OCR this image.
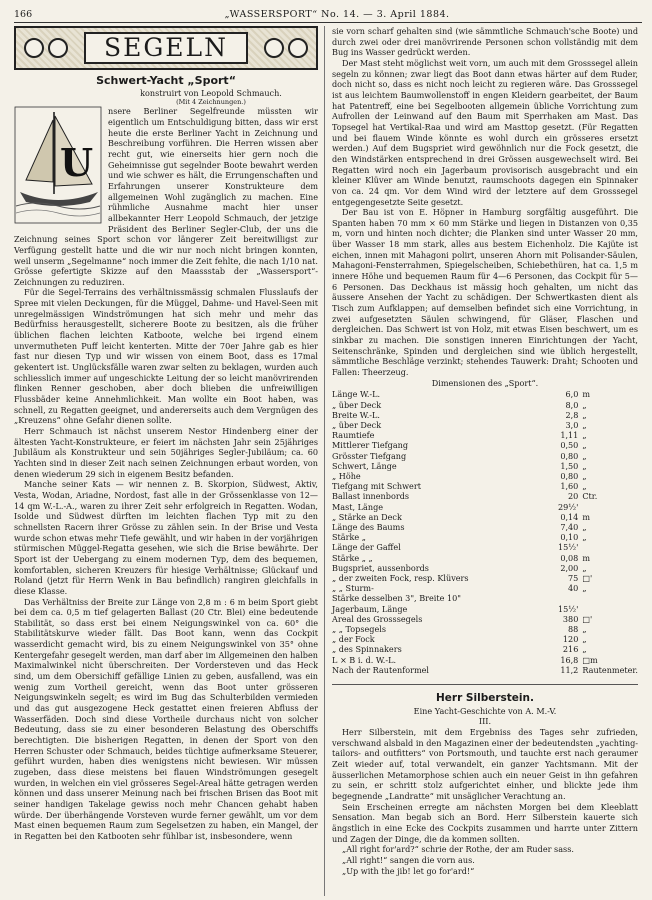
166	„WASSERSPORT“ No. 14. — 3. April 1884.
SEGELN
Schwert-Yacht „Sport“

konstruirt von Leopold Schmauch.

(Mit 4 Zeichnungen.)

U

nsere Berliner Segelfreunde müssten wir eigentlich um Entschuldigung bitten, dass wir erst heute die erste Berliner Yacht in Zeichnung und Beschreibung vorführen. Die Herren wissen aber recht gut, wie einerseits hier gern noch die Geheimnisse gut segelnder Boote bewahrt werden und wie schwer es hält, die Errungenschaften und Erfahrungen unserer Konstrukteure dem allgemeinen Wohl zugänglich zu machen. Eine rühmliche Ausnahme macht hier unser allbekannter Herr Leopold Schmauch, der jetzige Präsident des Berliner Segler-Club, der uns die Zeichnung seines Sport schon vor längerer Zeit bereitwilligst zur Verfügung gestellt hatte und die wir nur noch nicht bringen konnten, weil unserm „Segelmanne“ noch immer die Zeit fehlte, die nach 1/10 nat. Grösse gefertigte Skizze auf den Maassstab der „Wassersport“-Zeichnungen zu reduziren.

Für die Segel-Terrains des verhältnissmässig schmalen Flusslaufs der Spree mit vielen Deckungen, für die Müggel, Dahme- und Havel-Seen mit unregelmässigen Windströmungen hat sich mehr und mehr das Bedürfniss herausgestellt, sicherere Boote zu besitzen, als die früher üblichen flachen leichten Katboote, welche bei irgend einem unvermutheten Puff leicht kenterten. Mitte der 70er Jahre gab es hier fast nur diesen Typ und wir wissen von einem Boot, dass es 17mal gekentert ist. Unglücksfälle waren zwar selten zu beklagen, wurden auch schliesslich immer auf ungeschickte Leitung der so leicht manövrirenden flinken Renner geschoben, aber doch blieben die unfreiwilligen Flussbäder keine Annehmlichkeit. Man wollte ein Boot haben, was schnell, zu Regatten geeignet, und andererseits auch dem Vergnügen des „Kreuzens“ ohne Gefahr dienen sollte.

Herr Schmauch ist nächst unserem Nestor Hindenberg einer der ältesten Yacht-Konstrukteure, er feiert im nächsten Jahr sein 25jähriges Jubiläum als Konstrukteur und sein 50jähriges Segler-Jubiläum; ca. 60 Yachten sind in dieser Zeit nach seinen Zeichnungen erbaut worden, von denen wiederum 29 sich in eigenem Besitz befanden.

Manche seiner Kats — wir nennen z. B. Skorpion, Südwest, Aktiv, Vesta, Wodan, Ariadne, Nordost, fast alle in der Grössenklasse von 12—14 qm W.-L.-A., waren zu ihrer Zeit sehr erfolgreich in Regatten. Wodan, Isolde und Südwest dürften im leichten flachen Typ mit zu den schnellsten Racern ihrer Grösse zu zählen sein. In der Brise und Vesta wurde schon etwas mehr Tiefe gewählt, und wir haben in der vorjährigen stürmischen Müggel-Regatta gesehen, wie sich die Brise bewährte. Der Sport ist der Uebergang zu einem modernen Typ, dem des bequemen, komfortablen, sicheren Kreuzers für hiesige Verhältnisse; Glückauf und Roland (jetzt für Herrn Wenk in Bau befindlich) rangiren gleichfalls in diese Klasse.

Das Verhältniss der Breite zur Länge von 2,8 m : 6 m beim Sport giebt bei dem ca. 0,5 m tief gelagerten Ballast (20 Ctr. Blei) eine bedeutende Stabilität, so dass erst bei einem Neigungswinkel von ca. 60° die Stabilitätskurve wieder fällt. Das Boot kann, wenn das Cockpit wasserdicht gemacht wird, bis zu einem Neigungswinkel von 35° ohne Kentergefahr gesegelt werden, man darf aber im Allgemeinen den halben Maximalwinkel nicht überschreiten. Der Vordersteven und das Heck sind, um dem Obersichiff gefällige Linien zu geben, ausfallend, was ein wenig zum Vortheil gereicht, wenn das Boot unter grösseren Neigungswinkeln segelt; es wird im Bug das Schulterbilden vermieden und das gut ausgezogene Heck gestattet einen freieren Abfluss der Wasserfäden. Doch sind diese Vortheile durchaus nicht von solcher Bedeutung, dass sie zu einer besonderen Belastung des Oberschiffs berechtigten. Die bisherigen Regatten, in denen der Sport von den Herren Schuster oder Schmauch, beides tüchtige aufmerksame Steuerer, geführt wurden, haben dies wenigstens nicht bewiesen. Wir müssen zugeben, dass diese meistens bei flauen Windströmungen gesegelt wurden, in welchen ein viel grösseres Segel-Areal hätte getragen werden können und dass unserer Meinung nach bei frischen Brisen das Boot mit seiner handigen Takelage gewiss noch mehr Chancen gehabt haben würde. Der überhängende Vorsteven wurde ferner gewählt, um vor dem Mast einen bequemen Raum zum Segelsetzen zu haben, ein Mangel, der in Regatten bei den Katbooten sehr fühlbar ist, insbesondere, wenn

sie vorn scharf gehalten sind (wie sämmtliche Schmauch'sche Boote) und durch zwei oder drei manövrirende Personen schon vollständig mit dem Bug ins Wasser gedrückt werden.

Der Mast steht möglichst weit vorn, um auch mit dem Grosssegel allein segeln zu können; zwar liegt das Boot dann etwas härter auf dem Ruder, doch nicht so, dass es nicht noch leicht zu regieren wäre. Das Grosssegel ist aus leichtem Baumwollenstoff in engen Kleidern gearbeitet, der Baum hat Patentreff, eine bei Segelbooten allgemein übliche Vorrichtung zum Aufrollen der Leinwand auf den Baum mit Sperrhaken am Mast. Das Topsegel hat Vertikal-Raa und wird am Masttop gesetzt. (Für Regatten und bei flauem Winde könnte es wohl durch ein grösseres ersetzt werden.) Auf dem Bugspriet wird gewöhnlich nur die Fock gesetzt, die den Windstärken entsprechend in drei Grössen ausgewechselt wird. Bei Regatten wird noch ein Jagerbaum provisorisch ausgebracht und ein kleiner Klüver am Winde benutzt, raumschoots dagegen ein Spinnaker von ca. 24 qm. Vor dem Wind wird der letztere auf dem Grosssegel entgegengesetzte Seite gesetzt.

Der Bau ist von E. Höpner in Hamburg sorgfältig ausgeführt. Die Spanten haben 70 mm × 60 mm Stärke und liegen in Distanzen von 0,35 m, vorn und hinten noch dichter; die Planken sind unter Wasser 20 mm, über Wasser 18 mm stark, alles aus bestem Eichenholz. Die Kajüte ist eichen, innen mit Mahagoni polirt, unseren Ahorn mit Polisander-Säulen, Mahagoni-Fensterrahmen, Spiegelscheiben, Schiebethüren, hat ca. 1,5 m innere Höhe und bequemen Raum für 4—6 Personen, das Cockpit für 5—6 Personen. Das Deckhaus ist mässig hoch gehalten, um nicht das äussere Ansehen der Yacht zu schädigen. Der Schwertkasten dient als Tisch zum Aufklappen; auf demselben befindet sich eine Vorrichtung, in zwei aufgesetzten Säulen schwingend, für Gläser, Flaschen und dergleichen. Das Schwert ist von Holz, mit etwas Eisen beschwert, um es sinkbar zu machen. Die sonstigen inneren Einrichtungen der Yacht, Seitenschränke, Spinden und dergleichen sind wie üblich hergestellt, sämmtliche Beschläge verzinkt; stehendes Tauwerk: Draht; Schooten und Fallen: Theerzeug.

Dimensionen des „Sport“.

Länge W.-L.	6,0	m
„ über Deck	8,0	„
Breite W.-L.	2,8	„
„ über Deck	3,0	„
Raumtiefe	1,11	„
Mittlerer Tiefgang	0,50	„
Grösster Tiefgang	0,80	„
Schwert, Länge	1,50	„
„ Höhe	0,80	„
Tiefgang mit Schwert	1,60	„
Ballast innenbords	20	Ctr.
Mast, Länge	29½'	
„ Stärke an Deck	0,14	m
Länge des Baums	7,40	„
Stärke „	0,10	„
Länge der Gaffel	15½'	
Stärke „ „	0,08	m
Bugspriet, aussenbords	2,00	„
„ der zweiten Fock, resp. Klüvers	75	□'
„ „ Sturm-	40	„
Stärke desselben 3", Breite 10"		
Jagerbaum, Länge	15½'	
Areal des Grosssegels	380	□'
„ „ Topsegels	88	„
„ der Fock	120	„
„ des Spinnakers	216	„
L × B i. d. W.-L.	16,8	□m
Nach der Rautenformel	11,2	Rautenmeter.
Herr Silberstein.

Eine Yacht-Geschichte von A. M.-V.

III.

Herr Silberstein, mit dem Ergebniss des Tages sehr zufrieden, verschwand alsbald in den Magazinen einer der bedeutendsten „yachting-tailors- and outfitters“ von Portsmouth, und tauchte erst nach geraumer Zeit wieder auf, total verwandelt, ein ganzer Yachtsmann. Mit der äusserlichen Metamorphose schien auch ein neuer Geist in ihn gefahren zu sein, er schritt stolz aufgerichtet einher, und blickte jede ihm begegnende „Landratte“ mit unsäglicher Verachtung an.

Sein Erscheinen erregte am nächsten Morgen bei dem Kleeblatt Sensation. Man begab sich an Bord. Herr Silberstein kauerte sich ängstlich in eine Ecke des Cockpits zusammen und harrte unter Zittern und Zagen der Dinge, die da kommen sollten.

„All right for'ard?“ schrie der Rothe, der am Ruder sass.

„All right!“ sangen die vorn aus.

„Up with the jib! let go for'ard!“
